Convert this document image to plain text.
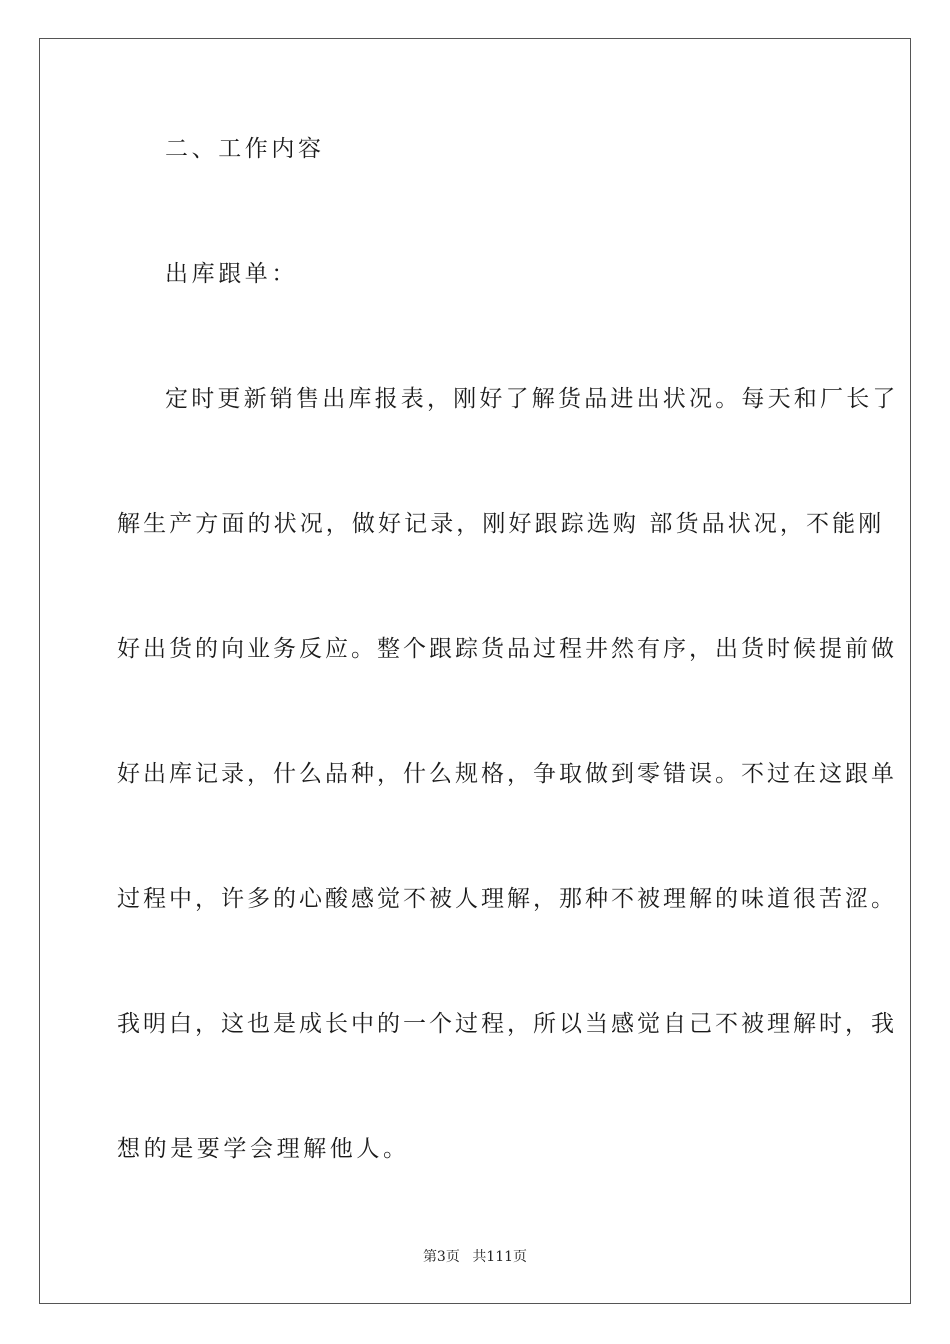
二、工作内容
出库跟单：
定时更新销售出库报表，刚好了解货品进出状况。每天和厂长了
解生产方面的状况，做好记录，刚好跟踪选购 部货品状况，不能刚
好出货的向业务反应。整个跟踪货品过程井然有序，出货时候提前做
好出库记录，什么品种，什么规格，争取做到零错误。不过在这跟单
过程中，许多的心酸感觉不被人理解，那种不被理解的味道很苦涩。
我明白，这也是成长中的一个过程，所以当感觉自己不被理解时，我
想的是要学会理解他人。
第3页 共111页
